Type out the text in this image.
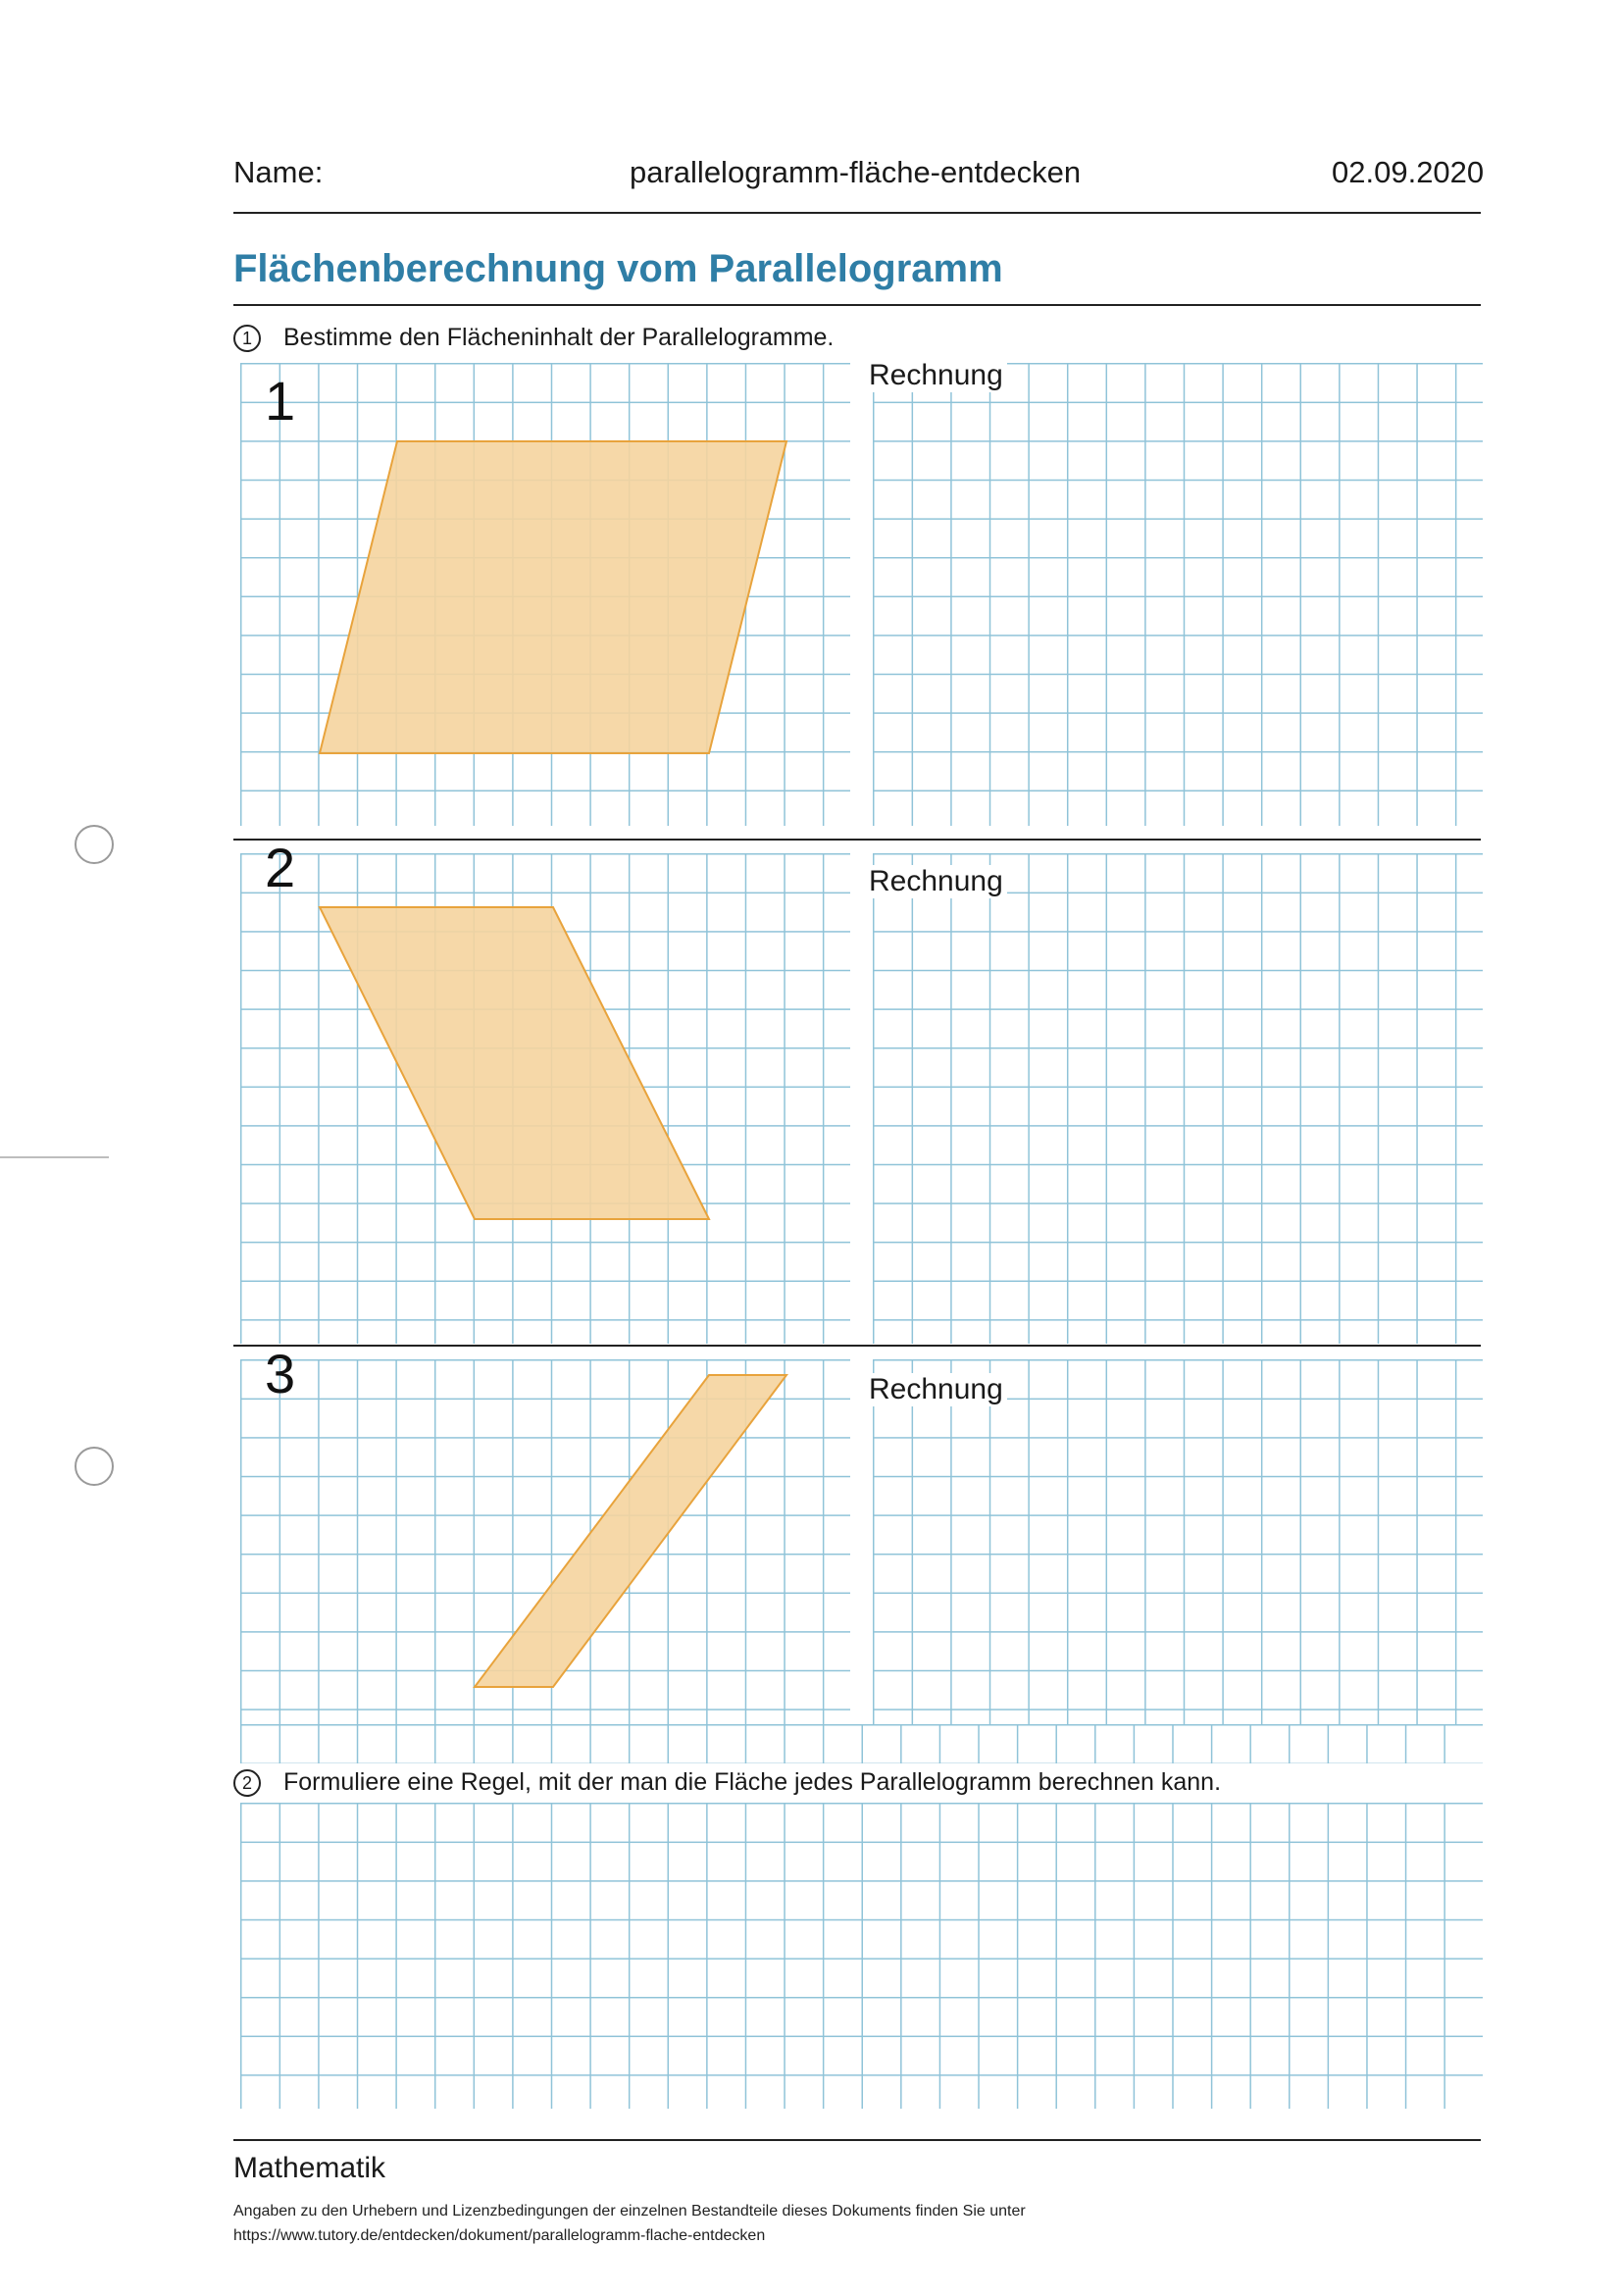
Name:	parallelogramm-fläche-entdecken	02.09.2020
Flächenberechnung vom Parallelogramm
1	Bestimme den Flächeninhalt der Parallelogramme.
1	Rechnung
2	Rechnung
3	Rechnung
2	Formuliere eine Regel, mit der man die Fläche jedes Parallelogramm berechnen kann.
Mathematik
Angaben zu den Urhebern und Lizenzbedingungen der einzelnen Bestandteile dieses Dokuments finden Sie unter
https://www.tutory.de/entdecken/dokument/parallelogramm-flache-entdecken
